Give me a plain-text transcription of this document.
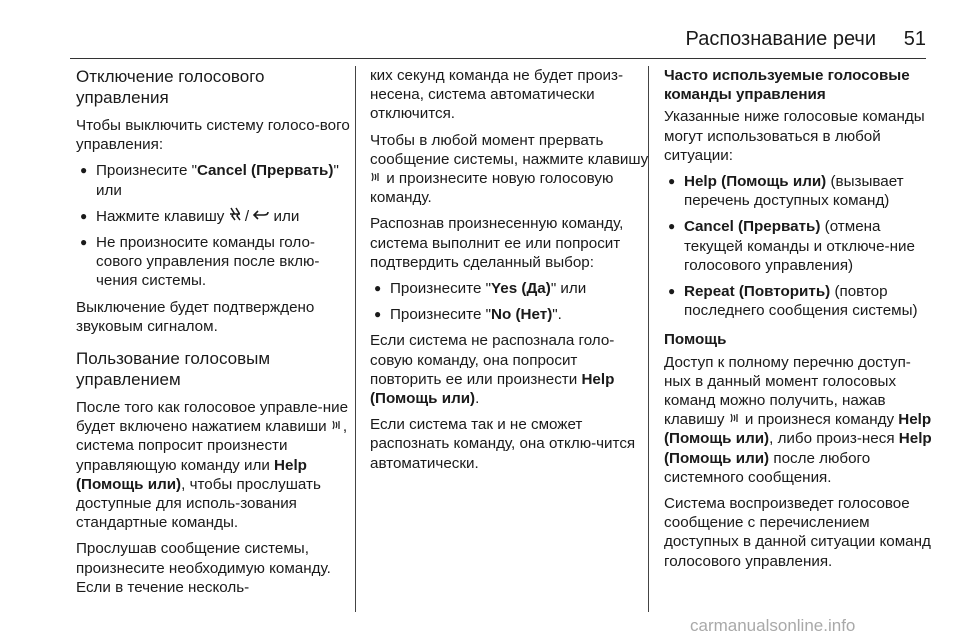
Распознавание речи 51
Отключение голосового управления

Чтобы выключить систему голосо-вого управления:

● Произнесите "Cancel (Прервать)" или
● Нажмите клавишу  /  или
● Не произносите команды голо-сового управления после вклю-чения системы.

Выключение будет подтверждено звуковым сигналом.

Пользование голосовым управлением

После того как голосовое управле-ние будет включено нажатием клавиши , система попросит произнести управляющую команду или Help (Помощь или), чтобы прослушать доступные для исполь-зования стандартные команды.

Прослушав сообщение системы, произнесите необходимую команду. Если в течение несколь-

ких секунд команда не будет произ-несена, система автоматически отключится.

Чтобы в любой момент прервать сообщение системы, нажмите клавишу  и произнесите новую голосовую команду.

Распознав произнесенную команду, система выполнит ее или попросит подтвердить сделанный выбор:

● Произнесите "Yes (Да)" или
● Произнесите "No (Нет)".

Если система не распознала голо-совую команду, она попросит повторить ее или произнести Help (Помощь или).

Если система так и не сможет распознать команду, она отклю-чится автоматически.

Часто используемые голосовые команды управления

Указанные ниже голосовые команды могут использоваться в любой ситуации:

● Help (Помощь или) (вызывает перечень доступных команд)
● Cancel (Прервать) (отмена текущей команды и отключе-ние голосового управления)
● Repeat (Повторить) (повтор последнего сообщения системы)
Помощь

Доступ к полному перечню доступ-ных в данный момент голосовых команд можно получить, нажав клавишу  и произнеся команду Help (Помощь или), либо произ-неся Help (Помощь или) после любого системного сообщения.

Система воспроизведет голосовое сообщение с перечислением доступных в данной ситуации команд голосового управления.

carmanualsonline.info
